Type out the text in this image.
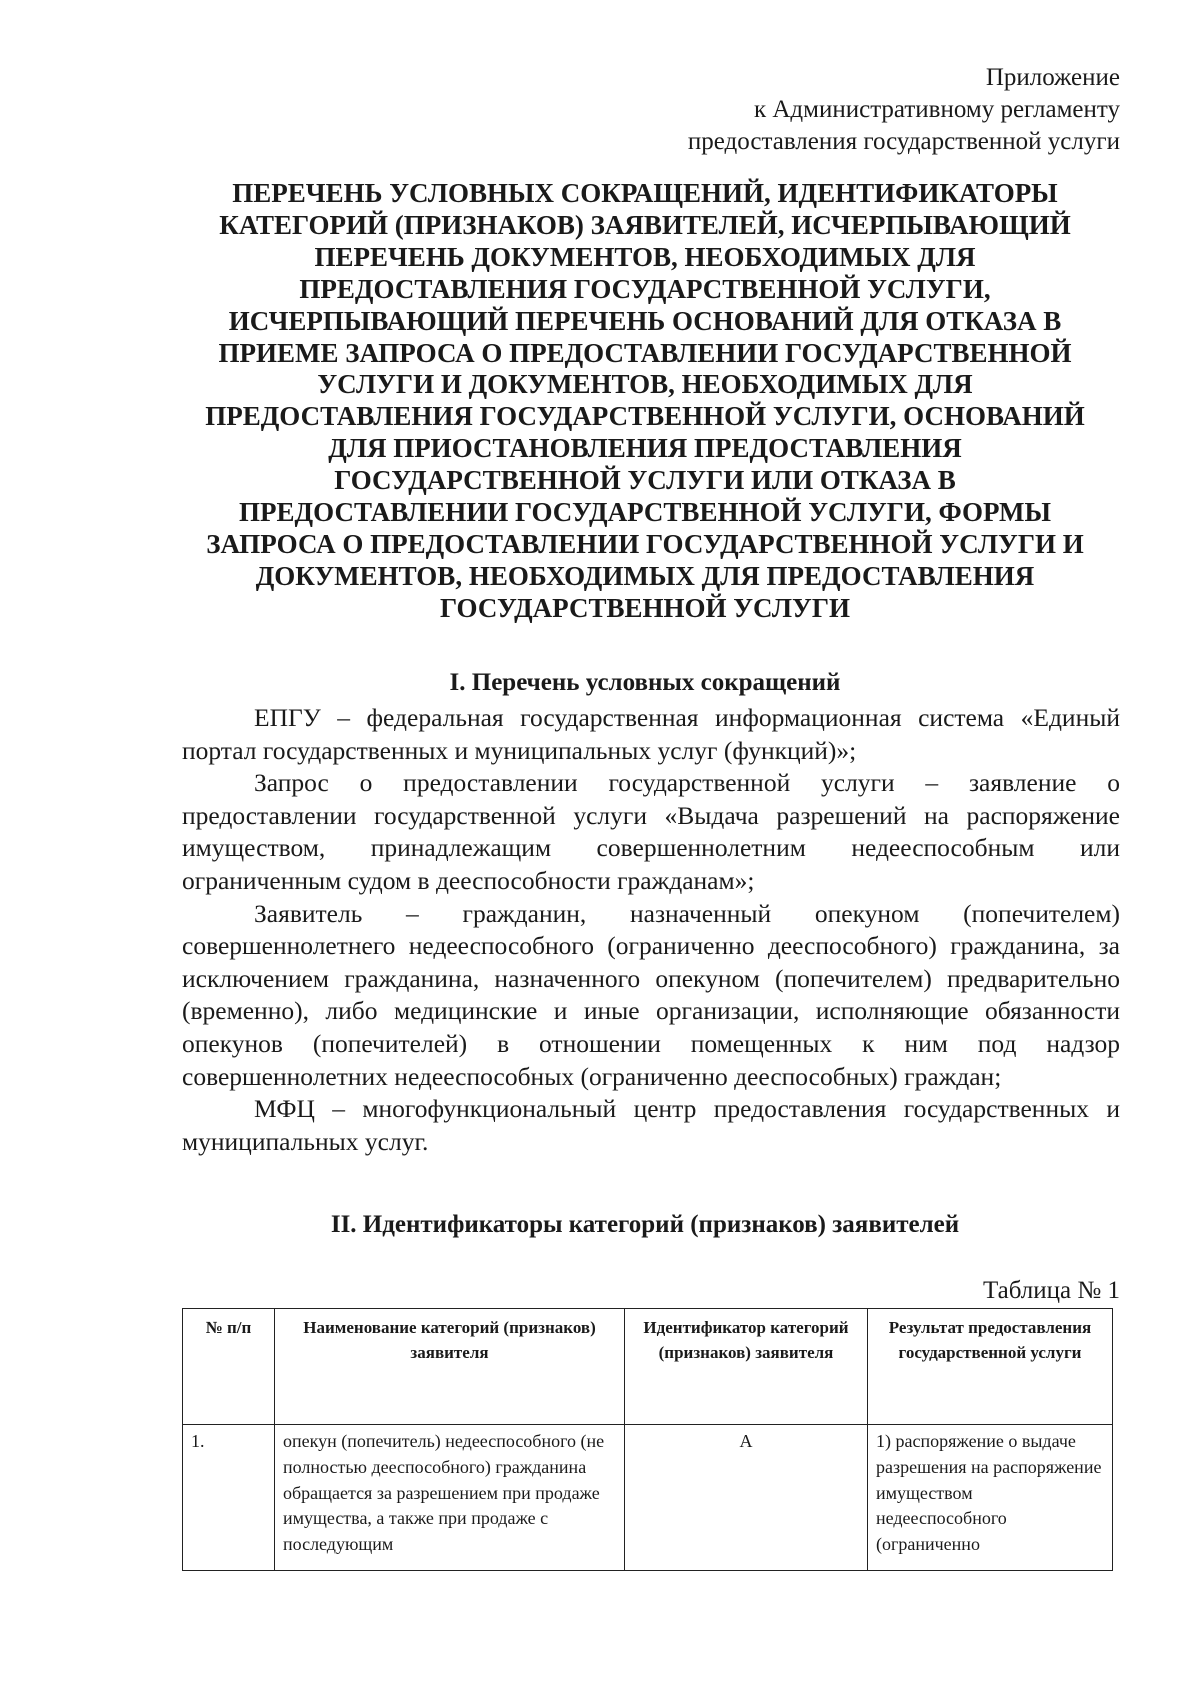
Приложение
к Административному регламенту
предоставления государственной услуги
ПЕРЕЧЕНЬ УСЛОВНЫХ СОКРАЩЕНИЙ, ИДЕНТИФИКАТОРЫ
КАТЕГОРИЙ (ПРИЗНАКОВ) ЗАЯВИТЕЛЕЙ, ИСЧЕРПЫВАЮЩИЙ
ПЕРЕЧЕНЬ ДОКУМЕНТОВ, НЕОБХОДИМЫХ ДЛЯ
ПРЕДОСТАВЛЕНИЯ ГОСУДАРСТВЕННОЙ УСЛУГИ,
ИСЧЕРПЫВАЮЩИЙ ПЕРЕЧЕНЬ ОСНОВАНИЙ ДЛЯ ОТКАЗА В
ПРИЕМЕ ЗАПРОСА О ПРЕДОСТАВЛЕНИИ ГОСУДАРСТВЕННОЙ
УСЛУГИ И ДОКУМЕНТОВ, НЕОБХОДИМЫХ ДЛЯ
ПРЕДОСТАВЛЕНИЯ ГОСУДАРСТВЕННОЙ УСЛУГИ, ОСНОВАНИЙ
ДЛЯ ПРИОСТАНОВЛЕНИЯ ПРЕДОСТАВЛЕНИЯ
ГОСУДАРСТВЕННОЙ УСЛУГИ ИЛИ ОТКАЗА В
ПРЕДОСТАВЛЕНИИ ГОСУДАРСТВЕННОЙ УСЛУГИ, ФОРМЫ
ЗАПРОСА О ПРЕДОСТАВЛЕНИИ ГОСУДАРСТВЕННОЙ УСЛУГИ И
ДОКУМЕНТОВ, НЕОБХОДИМЫХ ДЛЯ ПРЕДОСТАВЛЕНИЯ
ГОСУДАРСТВЕННОЙ УСЛУГИ
I. Перечень условных сокращений

ЕПГУ – федеральная государственная информационная система «Единый портал государственных и муниципальных услуг (функций)»;

Запрос о предоставлении государственной услуги – заявление о предоставлении государственной услуги «Выдача разрешений на распоряжение имуществом, принадлежащим совершеннолетним недееспособным или ограниченным судом в дееспособности гражданам»;

Заявитель – гражданин, назначенный опекуном (попечителем) совершеннолетнего недееспособного (ограниченно дееспособного) гражданина, за исключением гражданина, назначенного опекуном (попечителем) предварительно (временно), либо медицинские и иные организации, исполняющие обязанности опекунов (попечителей) в отношении помещенных к ним под надзор совершеннолетних недееспособных (ограниченно дееспособных) граждан;

МФЦ – многофункциональный центр предоставления государственных и муниципальных услуг.

II. Идентификаторы категорий (признаков) заявителей
Таблица № 1
№ п/п	Наименование категорий (признаков) заявителя	Идентификатор категорий (признаков) заявителя	Результат предоставления государственной услуги
1.	опекун (попечитель) недееспособного (не полностью дееспособного) гражданина обращается за разрешением при продаже имущества, а также при продаже с последующим	А	1) распоряжение о выдаче разрешения на распоряжение имуществом недееспособного (ограниченно
